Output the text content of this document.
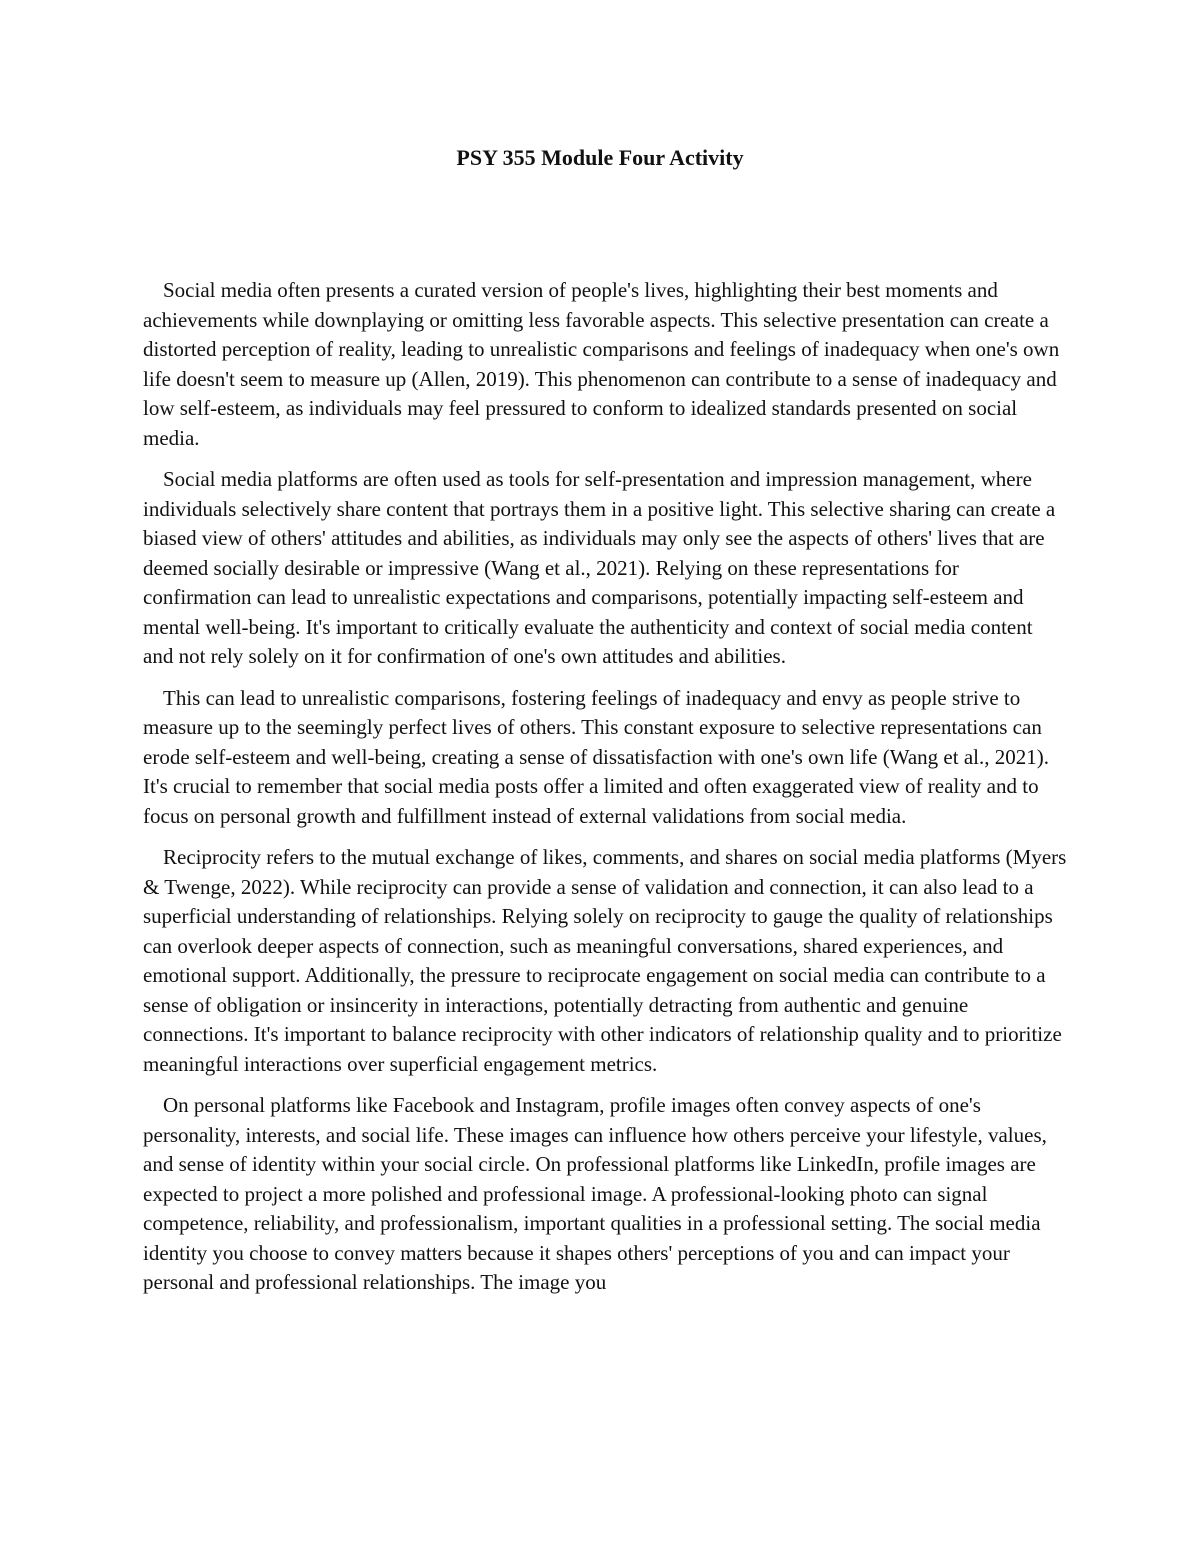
PSY 355 Module Four Activity

Social media often presents a curated version of people's lives, highlighting their best moments and achievements while downplaying or omitting less favorable aspects. This selective presentation can create a distorted perception of reality, leading to unrealistic comparisons and feelings of inadequacy when one's own life doesn't seem to measure up (Allen, 2019). This phenomenon can contribute to a sense of inadequacy and low self-esteem, as individuals may feel pressured to conform to idealized standards presented on social media.

Social media platforms are often used as tools for self-presentation and impression management, where individuals selectively share content that portrays them in a positive light. This selective sharing can create a biased view of others' attitudes and abilities, as individuals may only see the aspects of others' lives that are deemed socially desirable or impressive (Wang et al., 2021). Relying on these representations for confirmation can lead to unrealistic expectations and comparisons, potentially impacting self-esteem and mental well-being. It's important to critically evaluate the authenticity and context of social media content and not rely solely on it for confirmation of one's own attitudes and abilities.

This can lead to unrealistic comparisons, fostering feelings of inadequacy and envy as people strive to measure up to the seemingly perfect lives of others. This constant exposure to selective representations can erode self-esteem and well-being, creating a sense of dissatisfaction with one's own life (Wang et al., 2021). It's crucial to remember that social media posts offer a limited and often exaggerated view of reality and to focus on personal growth and fulfillment instead of external validations from social media.

Reciprocity refers to the mutual exchange of likes, comments, and shares on social media platforms (Myers & Twenge, 2022). While reciprocity can provide a sense of validation and connection, it can also lead to a superficial understanding of relationships. Relying solely on reciprocity to gauge the quality of relationships can overlook deeper aspects of connection, such as meaningful conversations, shared experiences, and emotional support. Additionally, the pressure to reciprocate engagement on social media can contribute to a sense of obligation or insincerity in interactions, potentially detracting from authentic and genuine connections. It's important to balance reciprocity with other indicators of relationship quality and to prioritize meaningful interactions over superficial engagement metrics.

On personal platforms like Facebook and Instagram, profile images often convey aspects of one's personality, interests, and social life. These images can influence how others perceive your lifestyle, values, and sense of identity within your social circle. On professional platforms like LinkedIn, profile images are expected to project a more polished and professional image. A professional-looking photo can signal competence, reliability, and professionalism, important qualities in a professional setting. The social media identity you choose to convey matters because it shapes others' perceptions of you and can impact your personal and professional relationships. The image you
